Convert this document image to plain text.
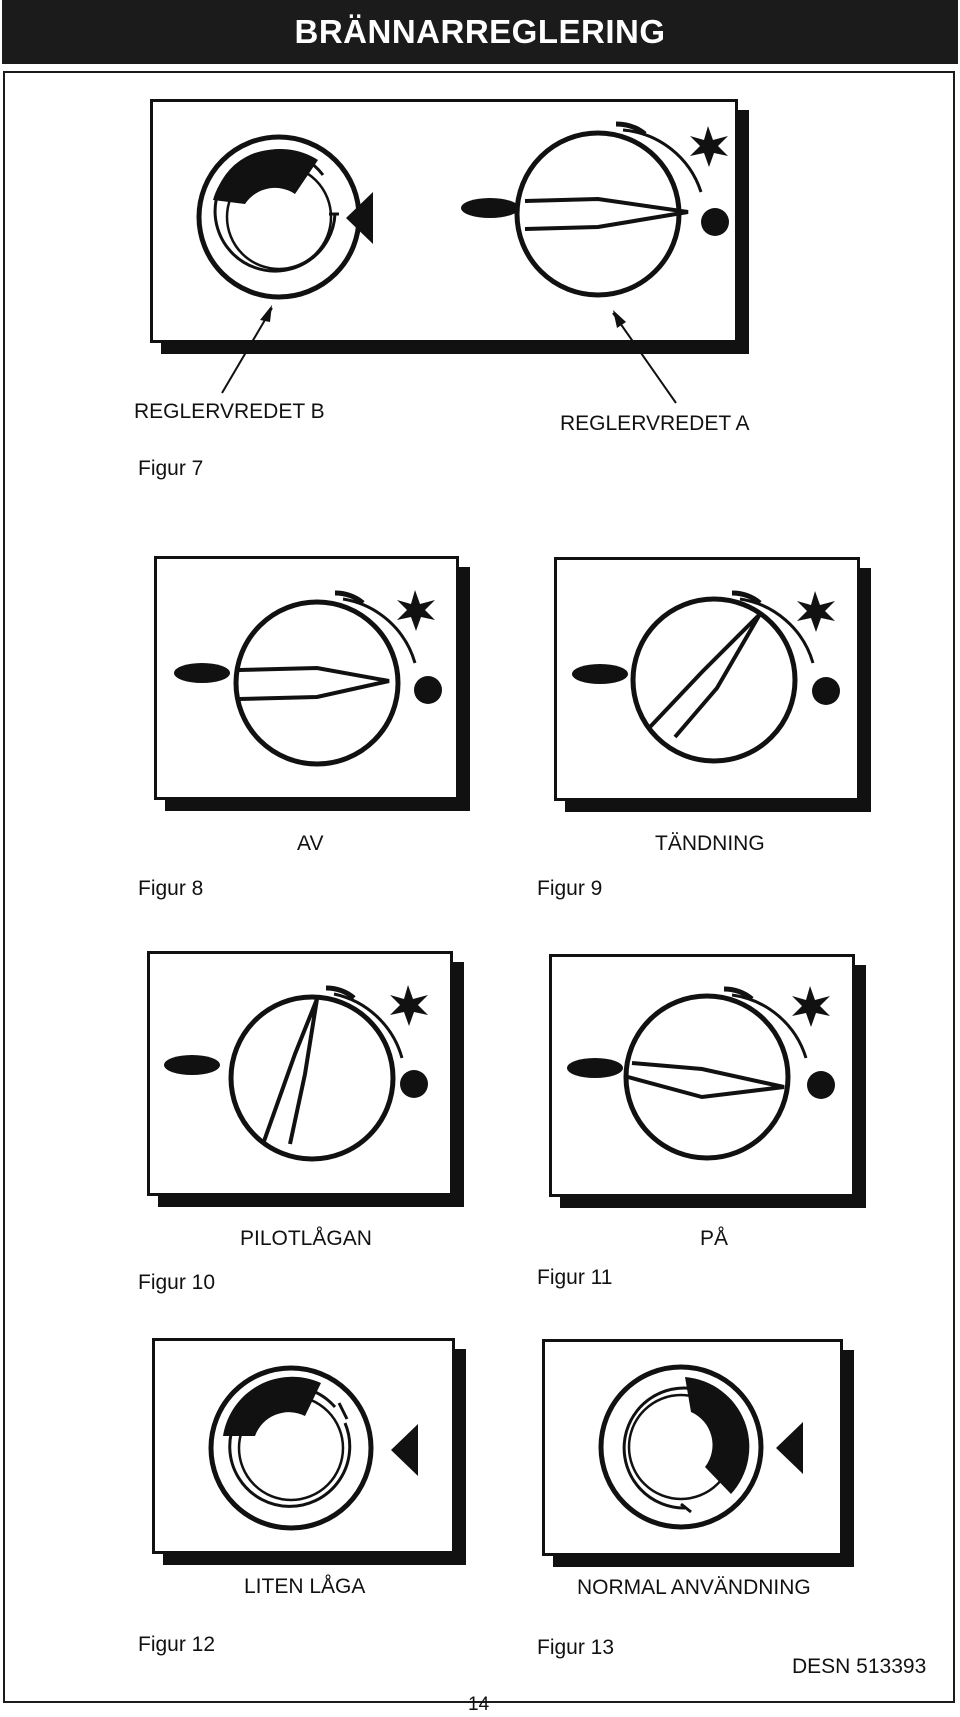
BRÄNNARREGLERING
REGLERVREDET B
REGLERVREDET A
Figur 7
AV
Figur 8
TÄNDNING
Figur 9
PILOTLÅGAN
Figur 10
PÅ
Figur 11
LITEN LÅGA
Figur 12
NORMAL ANVÄNDNING
Figur 13
DESN 513393
14
